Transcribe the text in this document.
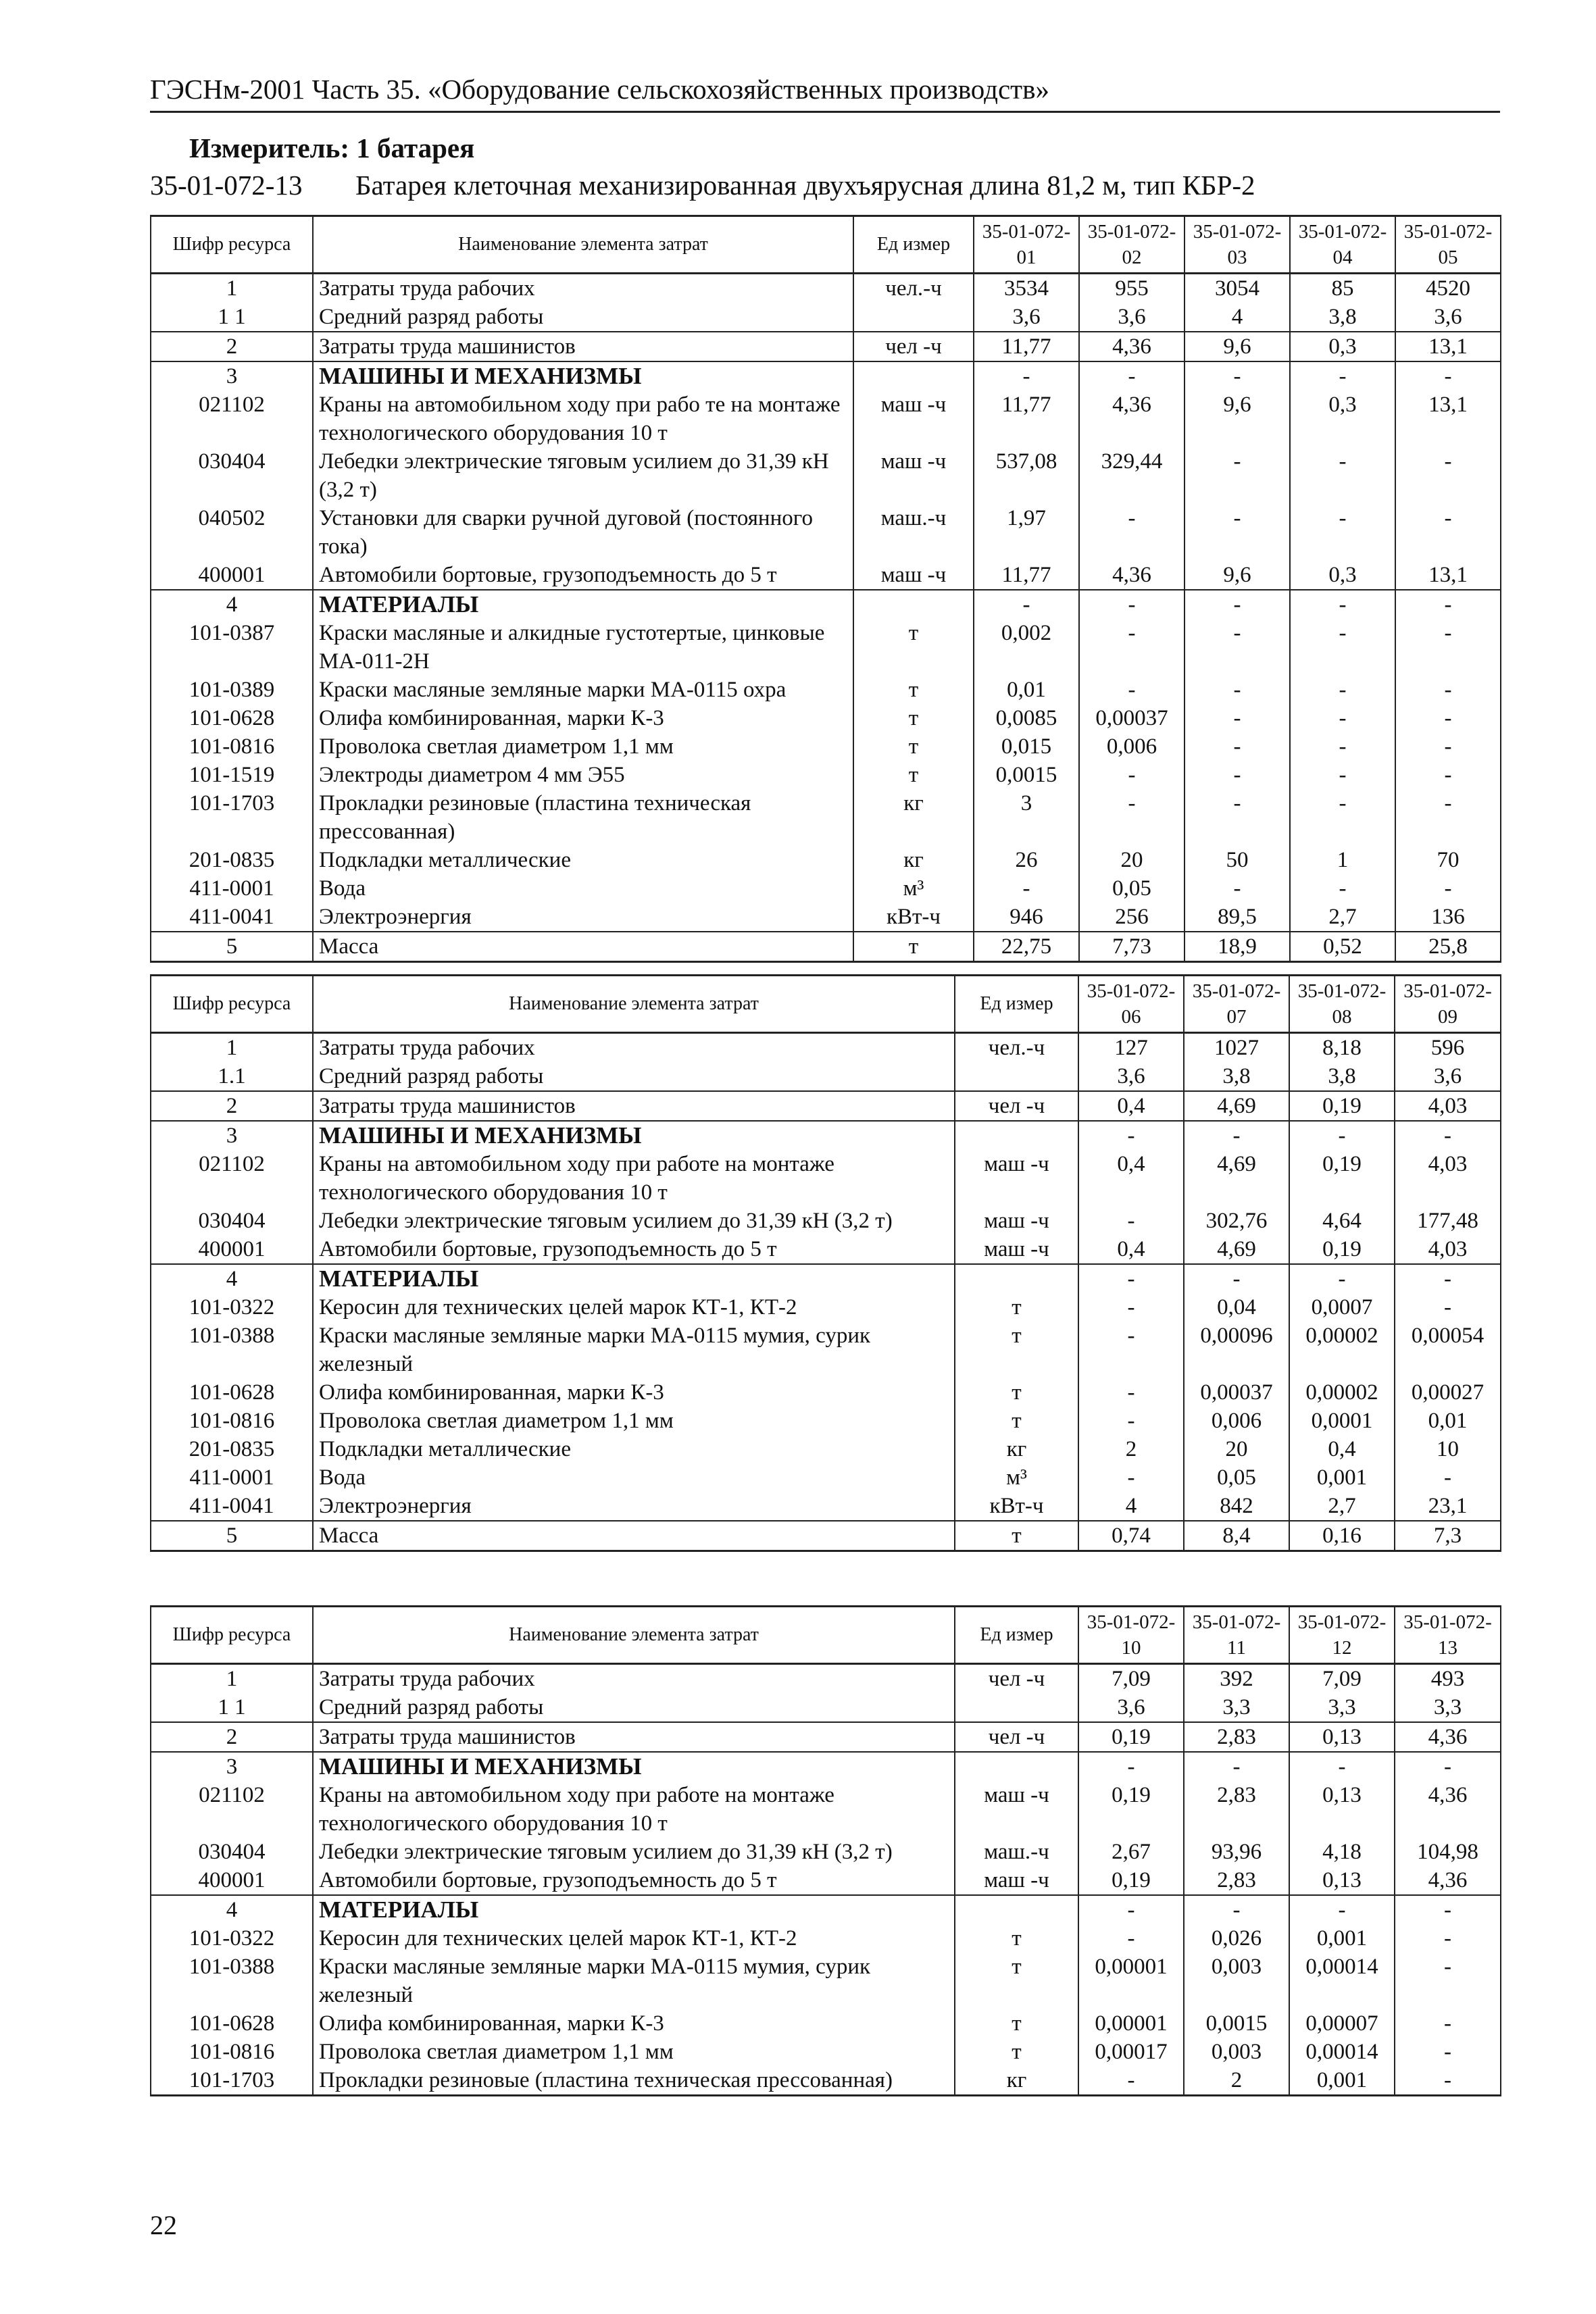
ГЭСНм-2001 Часть 35. «Оборудование сельскохозяйственных производств»
Измеритель: 1 батарея
35-01-072-13 Батарея клеточная механизированная двухъярусная длина 81,2 м, тип КБР-2
Шифр ресурса	Наименование элемента затрат	Ед измер	35-01-072-01	35-01-072-02	35-01-072-03	35-01-072-04	35-01-072-05
1	Затраты труда рабочих	чел.-ч	3534	955	3054	85	4520
1 1	Средний разряд работы		3,6	3,6	4	3,8	3,6
2	Затраты труда машинистов	чел -ч	11,77	4,36	9,6	0,3	13,1
3	МАШИНЫ И МЕХАНИЗМЫ		-	-	-	-	-
021102	Краны на автомобильном ходу при рабо те на монтаже технологического оборудования 10 т	маш -ч	11,77	4,36	9,6	0,3	13,1
030404	Лебедки электрические тяговым усилием до 31,39 кН (3,2 т)	маш -ч	537,08	329,44	-	-	-
040502	Установки для сварки ручной дуговой (постоянного тока)	маш.-ч	1,97	-	-	-	-
400001	Автомобили бортовые, грузоподъемность до 5 т	маш -ч	11,77	4,36	9,6	0,3	13,1
4	МАТЕРИАЛЫ		-	-	-	-	-
101-0387	Краски масляные и алкидные густотертые, цинковые МА-011-2Н	т	0,002	-	-	-	-
101-0389	Краски масляные земляные марки МА-0115 охра	т	0,01	-	-	-	-
101-0628	Олифа комбинированная, марки К-3	т	0,0085	0,00037	-	-	-
101-0816	Проволока светлая диаметром 1,1 мм	т	0,015	0,006	-	-	-
101-1519	Электроды диаметром 4 мм Э55	т	0,0015	-	-	-	-
101-1703	Прокладки резиновые (пластина техническая прессованная)	кг	3	-	-	-	-
201-0835	Подкладки металлические	кг	26	20	50	1	70
411-0001	Вода	м³	-	0,05	-	-	-
411-0041	Электроэнергия	кВт-ч	946	256	89,5	2,7	136
5	Масса	т	22,75	7,73	18,9	0,52	25,8
Шифр ресурса	Наименование элемента затрат	Ед измер	35-01-072-06	35-01-072-07	35-01-072-08	35-01-072-09
1	Затраты труда рабочих	чел.-ч	127	1027	8,18	596
1.1	Средний разряд работы		3,6	3,8	3,8	3,6
2	Затраты труда машинистов	чел -ч	0,4	4,69	0,19	4,03
3	МАШИНЫ И МЕХАНИЗМЫ		-	-	-	-
021102	Краны на автомобильном ходу при работе на монтаже технологического оборудования 10 т	маш -ч	0,4	4,69	0,19	4,03
030404	Лебедки электрические тяговым усилием до 31,39 кН (3,2 т)	маш -ч	-	302,76	4,64	177,48
400001	Автомобили бортовые, грузоподъемность до 5 т	маш -ч	0,4	4,69	0,19	4,03
4	МАТЕРИАЛЫ		-	-	-	-
101-0322	Керосин для технических целей марок КТ-1, КТ-2	т	-	0,04	0,0007	-
101-0388	Краски масляные земляные марки МА-0115 мумия, сурик железный	т	-	0,00096	0,00002	0,00054
101-0628	Олифа комбинированная, марки К-3	т	-	0,00037	0,00002	0,00027
101-0816	Проволока светлая диаметром 1,1 мм	т	-	0,006	0,0001	0,01
201-0835	Подкладки металлические	кг	2	20	0,4	10
411-0001	Вода	м³	-	0,05	0,001	-
411-0041	Электроэнергия	кВт-ч	4	842	2,7	23,1
5	Масса	т	0,74	8,4	0,16	7,3
Шифр ресурса	Наименование элемента затрат	Ед измер	35-01-072-10	35-01-072-11	35-01-072-12	35-01-072-13
1	Затраты труда рабочих	чел -ч	7,09	392	7,09	493
1 1	Средний разряд работы		3,6	3,3	3,3	3,3
2	Затраты труда машинистов	чел -ч	0,19	2,83	0,13	4,36
3	МАШИНЫ И МЕХАНИЗМЫ		-	-	-	-
021102	Краны на автомобильном ходу при работе на монтаже технологического оборудования 10 т	маш -ч	0,19	2,83	0,13	4,36
030404	Лебедки электрические тяговым усилием до 31,39 кН (3,2 т)	маш.-ч	2,67	93,96	4,18	104,98
400001	Автомобили бортовые, грузоподъемность до 5 т	маш -ч	0,19	2,83	0,13	4,36
4	МАТЕРИАЛЫ		-	-	-	-
101-0322	Керосин для технических целей марок КТ-1, КТ-2	т	-	0,026	0,001	-
101-0388	Краски масляные земляные марки МА-0115 мумия, сурик железный	т	0,00001	0,003	0,00014	-
101-0628	Олифа комбинированная, марки К-3	т	0,00001	0,0015	0,00007	-
101-0816	Проволока светлая диаметром 1,1 мм	т	0,00017	0,003	0,00014	-
101-1703	Прокладки резиновые (пластина техническая прессованная)	кг	-	2	0,001	-
22
